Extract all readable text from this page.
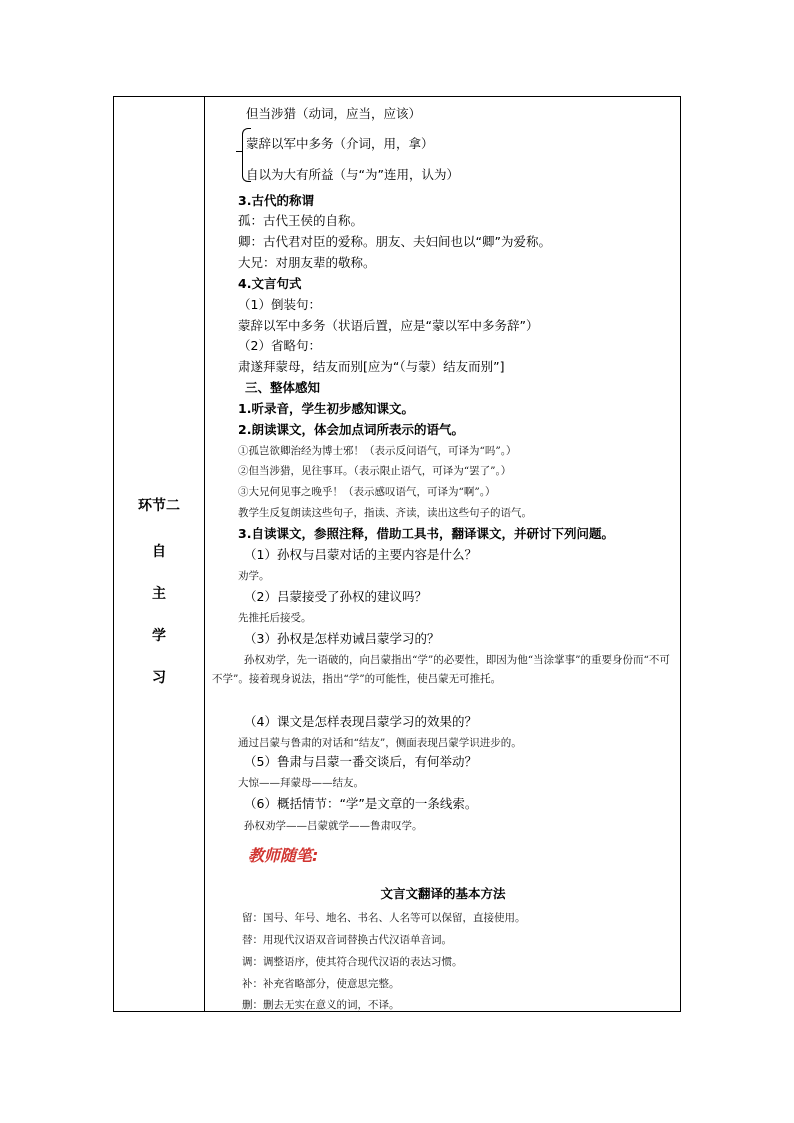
环节二
自
主
学
习
但当涉猎（动词，应当，应该）
蒙辞以军中多务（介词，用，拿）
自以为大有所益（与“为”连用，认为）
3.古代的称谓
孤：古代王侯的自称。
卿：古代君对臣的爱称。朋友、夫妇间也以“卿”为爱称。
大兄：对朋友辈的敬称。
4.文言句式
（1）倒装句：
蒙辞以军中多务（状语后置，应是“蒙以军中多务辞”）
（2）省略句：
肃遂拜蒙母，结友而别[应为“（与蒙）结友而别”]
三、整体感知
1.听录音，学生初步感知课文。
2.朗读课文，体会加点词所表示的语气。
①孤岂欲卿治经为博士邪！（表示反问语气，可译为“吗”。）
②但当涉猎，见往事耳。（表示限止语气，可译为“罢了”。）
③大兄何见事之晚乎！（表示感叹语气，可译为“啊”。）
教学生反复朗读这些句子，指读、齐读，读出这些句子的语气。
3.自读课文，参照注释，借助工具书，翻译课文，并研讨下列问题。
（1）孙权与吕蒙对话的主要内容是什么？
劝学。
（2）吕蒙接受了孙权的建议吗？
先推托后接受。
（3）孙权是怎样劝诫吕蒙学习的？
孙权劝学，先一语破的，向吕蒙指出“学”的必要性，即因为他“当涂掌事”的重要身份而“不可不学”。接着现身说法，指出“学”的可能性，使吕蒙无可推托。
（4）课文是怎样表现吕蒙学习的效果的？
通过吕蒙与鲁肃的对话和“结友”，侧面表现吕蒙学识进步的。
（5）鲁肃与吕蒙一番交谈后，有何举动？
大惊——拜蒙母——结友。
（6）概括情节：“学”是文章的一条线索。
孙权劝学——吕蒙就学——鲁肃叹学。
教师随笔:
文言文翻译的基本方法
留：国号、年号、地名、书名、人名等可以保留，直接使用。
替：用现代汉语双音词替换古代汉语单音词。
调：调整语序，使其符合现代汉语的表达习惯。
补：补充省略部分，使意思完整。
删：删去无实在意义的词，不译。
